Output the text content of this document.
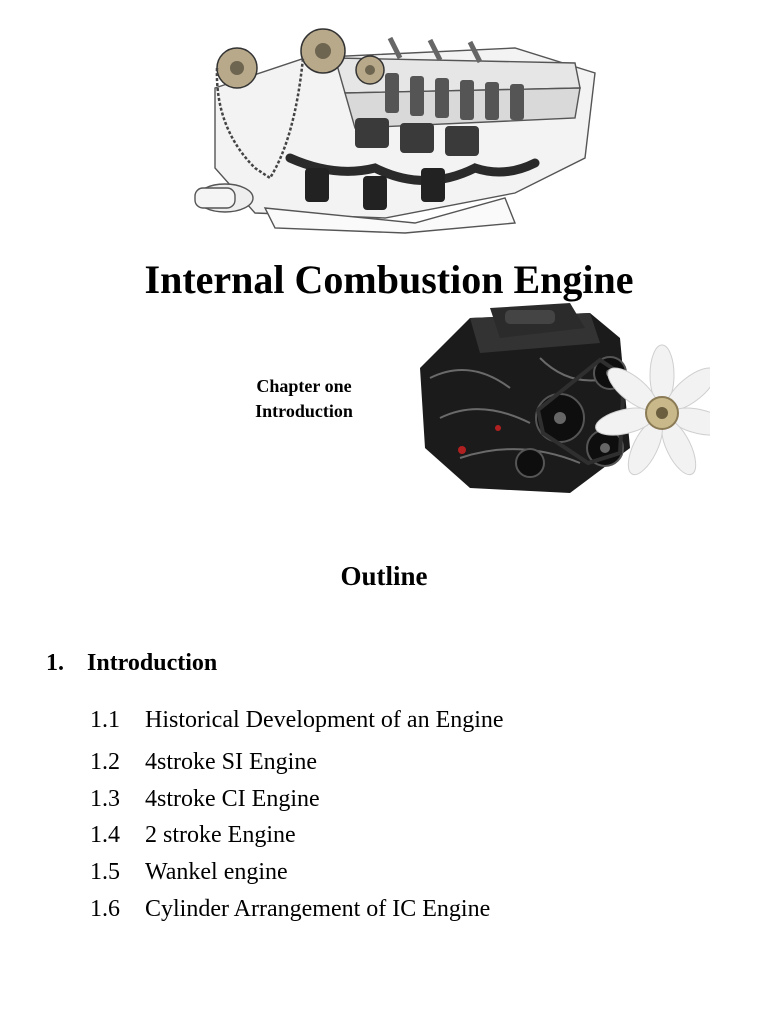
Internal Combustion Engine
Chapter one
Introduction
Outline
1. Introduction
1.1 Historical Development of an Engine
1.2 4stroke SI Engine
1.3 4stroke CI Engine
1.4 2 stroke Engine
1.5 Wankel engine
1.6 Cylinder Arrangement of IC Engine
